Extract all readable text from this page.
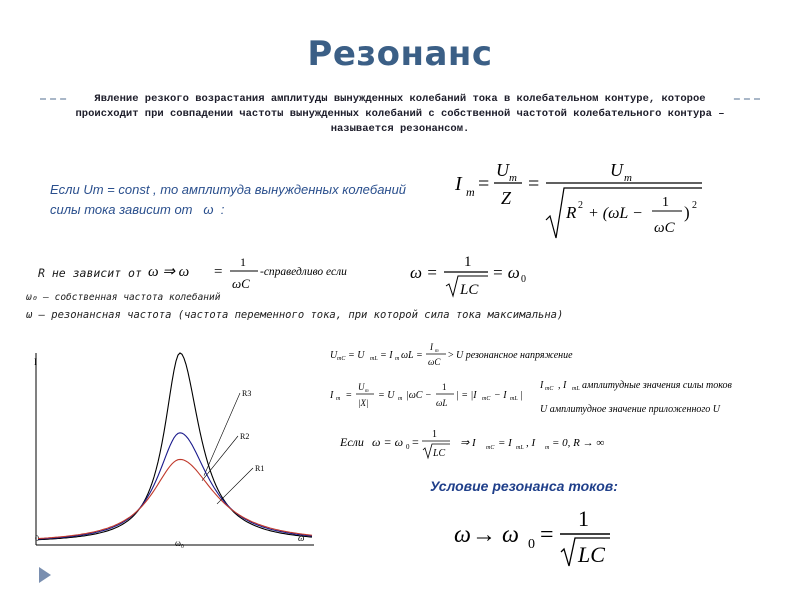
Резонанс
Явление резкого возрастания амплитуды вынужденных колебаний тока в колебательном контуре, которое происходит при совпадении частоты вынужденных колебаний с собственной частотой колебательного контура – называется резонансом.
Если Um = const , то амплитуда вынужденных колебаний
силы тока зависит от ω :
I m =
U m
Z
=
U m
R 2 + (ωL −
1
ωC
) 2
R не зависит от ω ⇒ ω =
1
ωC
-справедливо если	ω =
1
LC
= ω 0
ω₀ – собственная частота колебаний
ω – резонансная частота (частота переменного тока, при которой сила тока максимальна)
I
0	ω₀	ω
R3
R2
R1
U mC = U mL = I m ωL =
I m
ωC
> U резонансное напряжение
I m =
U m
|X|
= U m |ωC −
1
ωL
| = |I mC − I mL |
I mC , I mL амплитудные значения силы токов
U амплитудное значение приложенного U
Если ω = ω 0 =
1
LC
⇒ I mC = I mL , I m = 0, R → ∞
Условие резонанса токов:
ω → ω 0 =
1
LC
